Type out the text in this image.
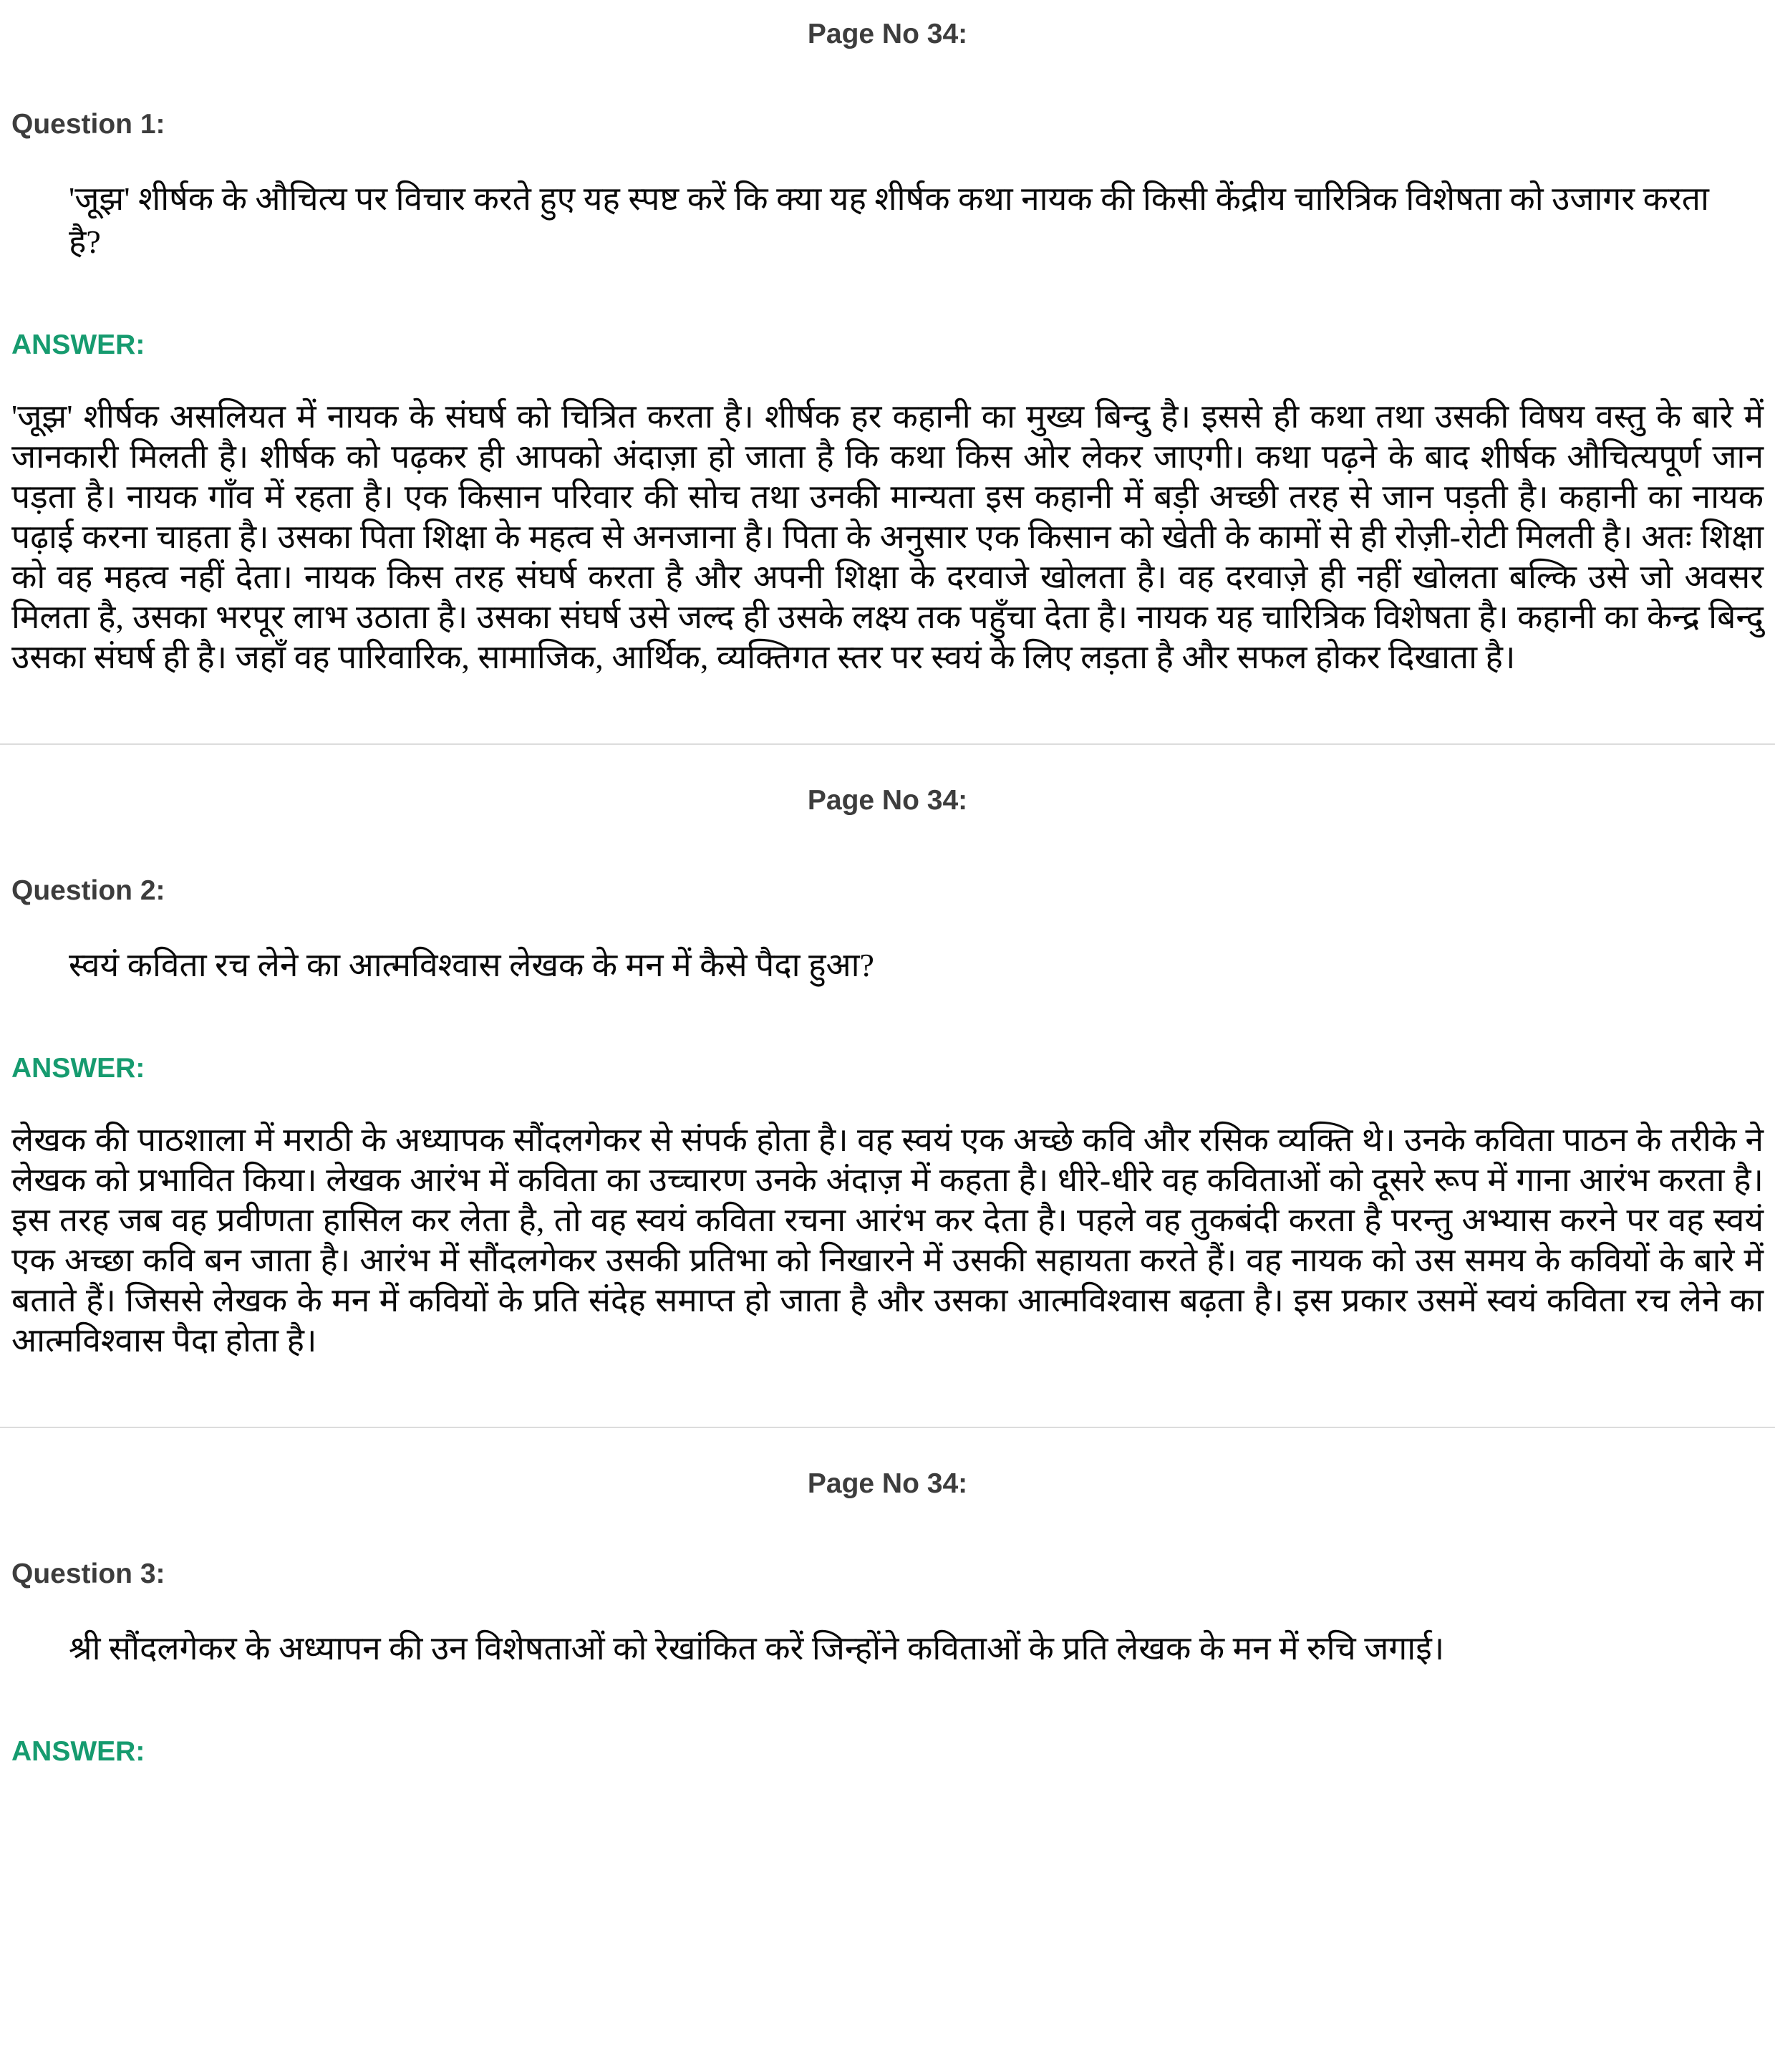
Page No 34:
Question 1:
'जूझ' शीर्षक के औचित्य पर विचार करते हुए यह स्पष्ट करें कि क्या यह शीर्षक कथा नायक की किसी केंद्रीय चारित्रिक विशेषता को उजागर करता है?
ANSWER:
'जूझ' शीर्षक असलियत में नायक के संघर्ष को चित्रित करता है। शीर्षक हर कहानी का मुख्य बिन्दु है। इससे ही कथा तथा उसकी विषय वस्तु के बारे में जानकारी मिलती है। शीर्षक को पढ़कर ही आपको अंदाज़ा हो जाता है कि कथा किस ओर लेकर जाएगी। कथा पढ़ने के बाद शीर्षक औचित्यपूर्ण जान पड़ता है। नायक गाँव में रहता है। एक किसान परिवार की सोच तथा उनकी मान्यता इस कहानी में बड़ी अच्छी तरह से जान पड़ती है। कहानी का नायक पढ़ाई करना चाहता है। उसका पिता शिक्षा के महत्व से अनजाना है। पिता के अनुसार एक किसान को खेती के कामों से ही रोज़ी-रोटी मिलती है। अतः शिक्षा को वह महत्व नहीं देता। नायक किस तरह संघर्ष करता है और अपनी शिक्षा के दरवाजे खोलता है। वह दरवाज़े ही नहीं खोलता बल्कि उसे जो अवसर मिलता है, उसका भरपूर लाभ उठाता है। उसका संघर्ष उसे जल्द ही उसके लक्ष्य तक पहुँचा देता है। नायक यह चारित्रिक विशेषता है। कहानी का केन्द्र बिन्दु उसका संघर्ष ही है। जहाँ वह पारिवारिक, सामाजिक, आर्थिक, व्यक्तिगत स्तर पर स्वयं के लिए लड़ता है और सफल होकर दिखाता है।
Page No 34:
Question 2:
स्वयं कविता रच लेने का आत्मविश्वास लेखक के मन में कैसे पैदा हुआ?
ANSWER:
लेखक की पाठशाला में मराठी के अध्यापक सौंदलगेकर से संपर्क होता है। वह स्वयं एक अच्छे कवि और रसिक व्यक्ति थे। उनके कविता पाठन के तरीके ने लेखक को प्रभावित किया। लेखक आरंभ में कविता का उच्चारण उनके अंदाज़ में कहता है। धीरे-धीरे वह कविताओं को दूसरे रूप में गाना आरंभ करता है। इस तरह जब वह प्रवीणता हासिल कर लेता है, तो वह स्वयं कविता रचना आरंभ कर देता है। पहले वह तुकबंदी करता है परन्तु अभ्यास करने पर वह स्वयं एक अच्छा कवि बन जाता है। आरंभ में सौंदलगेकर उसकी प्रतिभा को निखारने में उसकी सहायता करते हैं। वह नायक को उस समय के कवियों के बारे में बताते हैं। जिससे लेखक के मन में कवियों के प्रति संदेह समाप्त हो जाता है और उसका आत्मविश्वास बढ़ता है। इस प्रकार उसमें स्वयं कविता रच लेने का आत्मविश्वास पैदा होता है।
Page No 34:
Question 3:
श्री सौंदलगेकर के अध्यापन की उन विशेषताओं को रेखांकित करें जिन्होंने कविताओं के प्रति लेखक के मन में रुचि जगाई।
ANSWER:
